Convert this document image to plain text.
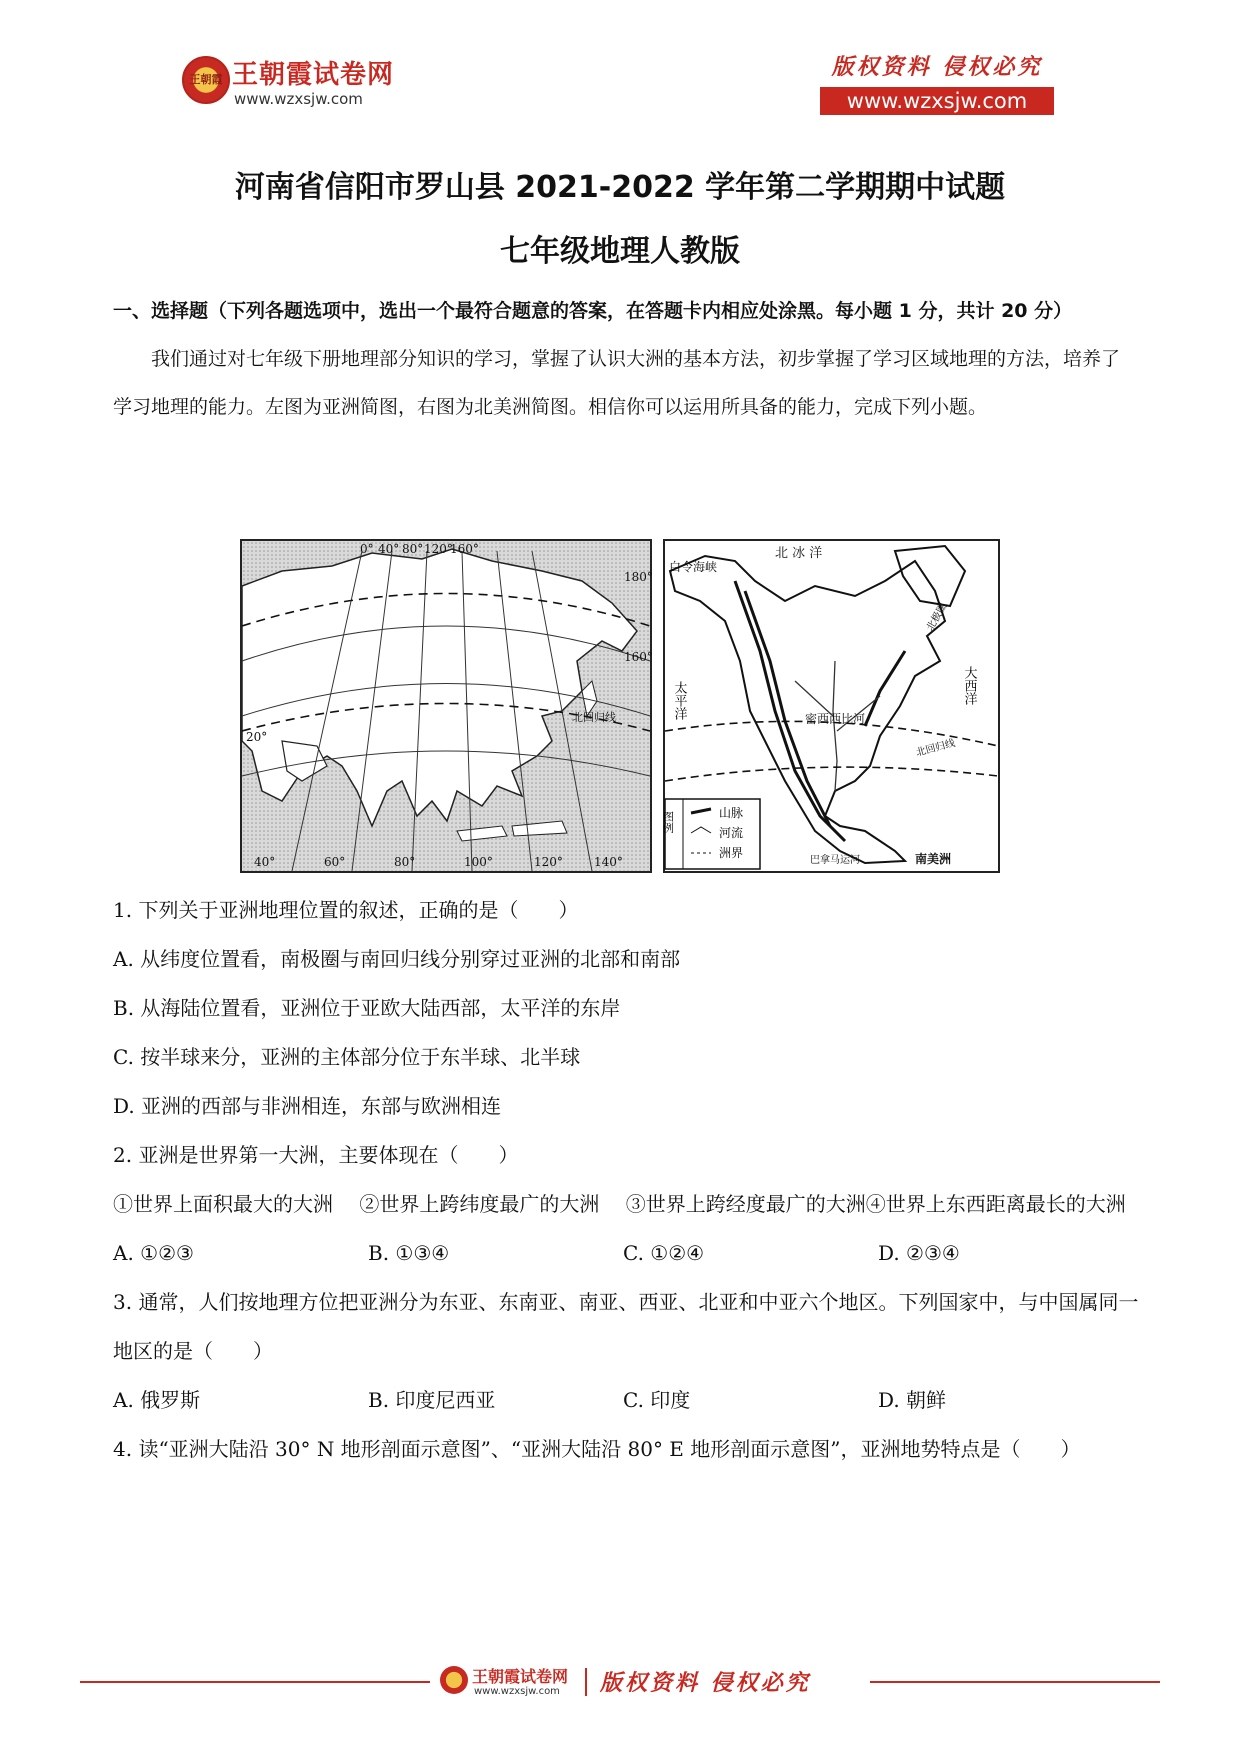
王朝霞 王朝霞试卷网
www.wzxsjw.com
版权资料 侵权必究
www.wzxsjw.com
河南省信阳市罗山县 2021-2022 学年第二学期期中试题
七年级地理人教版
一、选择题（下列各题选项中，选出一个最符合题意的答案，在答题卡内相应处涂黑。每小题 1 分，共计 20 分）
我们通过对七年级下册地理部分知识的学习，掌握了认识大洲的基本方法，初步掌握了学习区域地理的方法，培养了学习地理的能力。左图为亚洲简图，右图为北美洲简图。相信你可以运用所具备的能力，完成下列小题。
0° 40° 80° 120°
160°
40°	60°	80°	100°	120°	140°
180°
160°
20°
北回归线
白令海峡
北 冰 洋
北极圈
密西西比河
北回归线
巴拿马运河	南美洲
太平洋	大西洋
图例	山脉
河流
洲界
1. 下列关于亚洲地理位置的叙述，正确的是（　　）
A. 从纬度位置看，南极圈与南回归线分别穿过亚洲的北部和南部
B. 从海陆位置看，亚洲位于亚欧大陆西部，太平洋的东岸
C. 按半球来分，亚洲的主体部分位于东半球、北半球
D. 亚洲的西部与非洲相连，东部与欧洲相连
2. 亚洲是世界第一大洲，主要体现在（　　）
①世界上面积最大的大洲　 ②世界上跨纬度最广的大洲　 ③世界上跨经度最广的大洲④世界上东西距离最长的大洲
A. ①②③	B. ①③④	C. ①②④	D. ②③④
3. 通常，人们按地理方位把亚洲分为东亚、东南亚、南亚、西亚、北亚和中亚六个地区。下列国家中，与中国属同一地区的是（　　）
A. 俄罗斯	B. 印度尼西亚	C. 印度	D. 朝鲜
4. 读“亚洲大陆沿 30° N 地形剖面示意图”、“亚洲大陆沿 80° E 地形剖面示意图”，亚洲地势特点是（　　）
王朝霞试卷网
www.wzxsjw.com 版权资料 侵权必究
